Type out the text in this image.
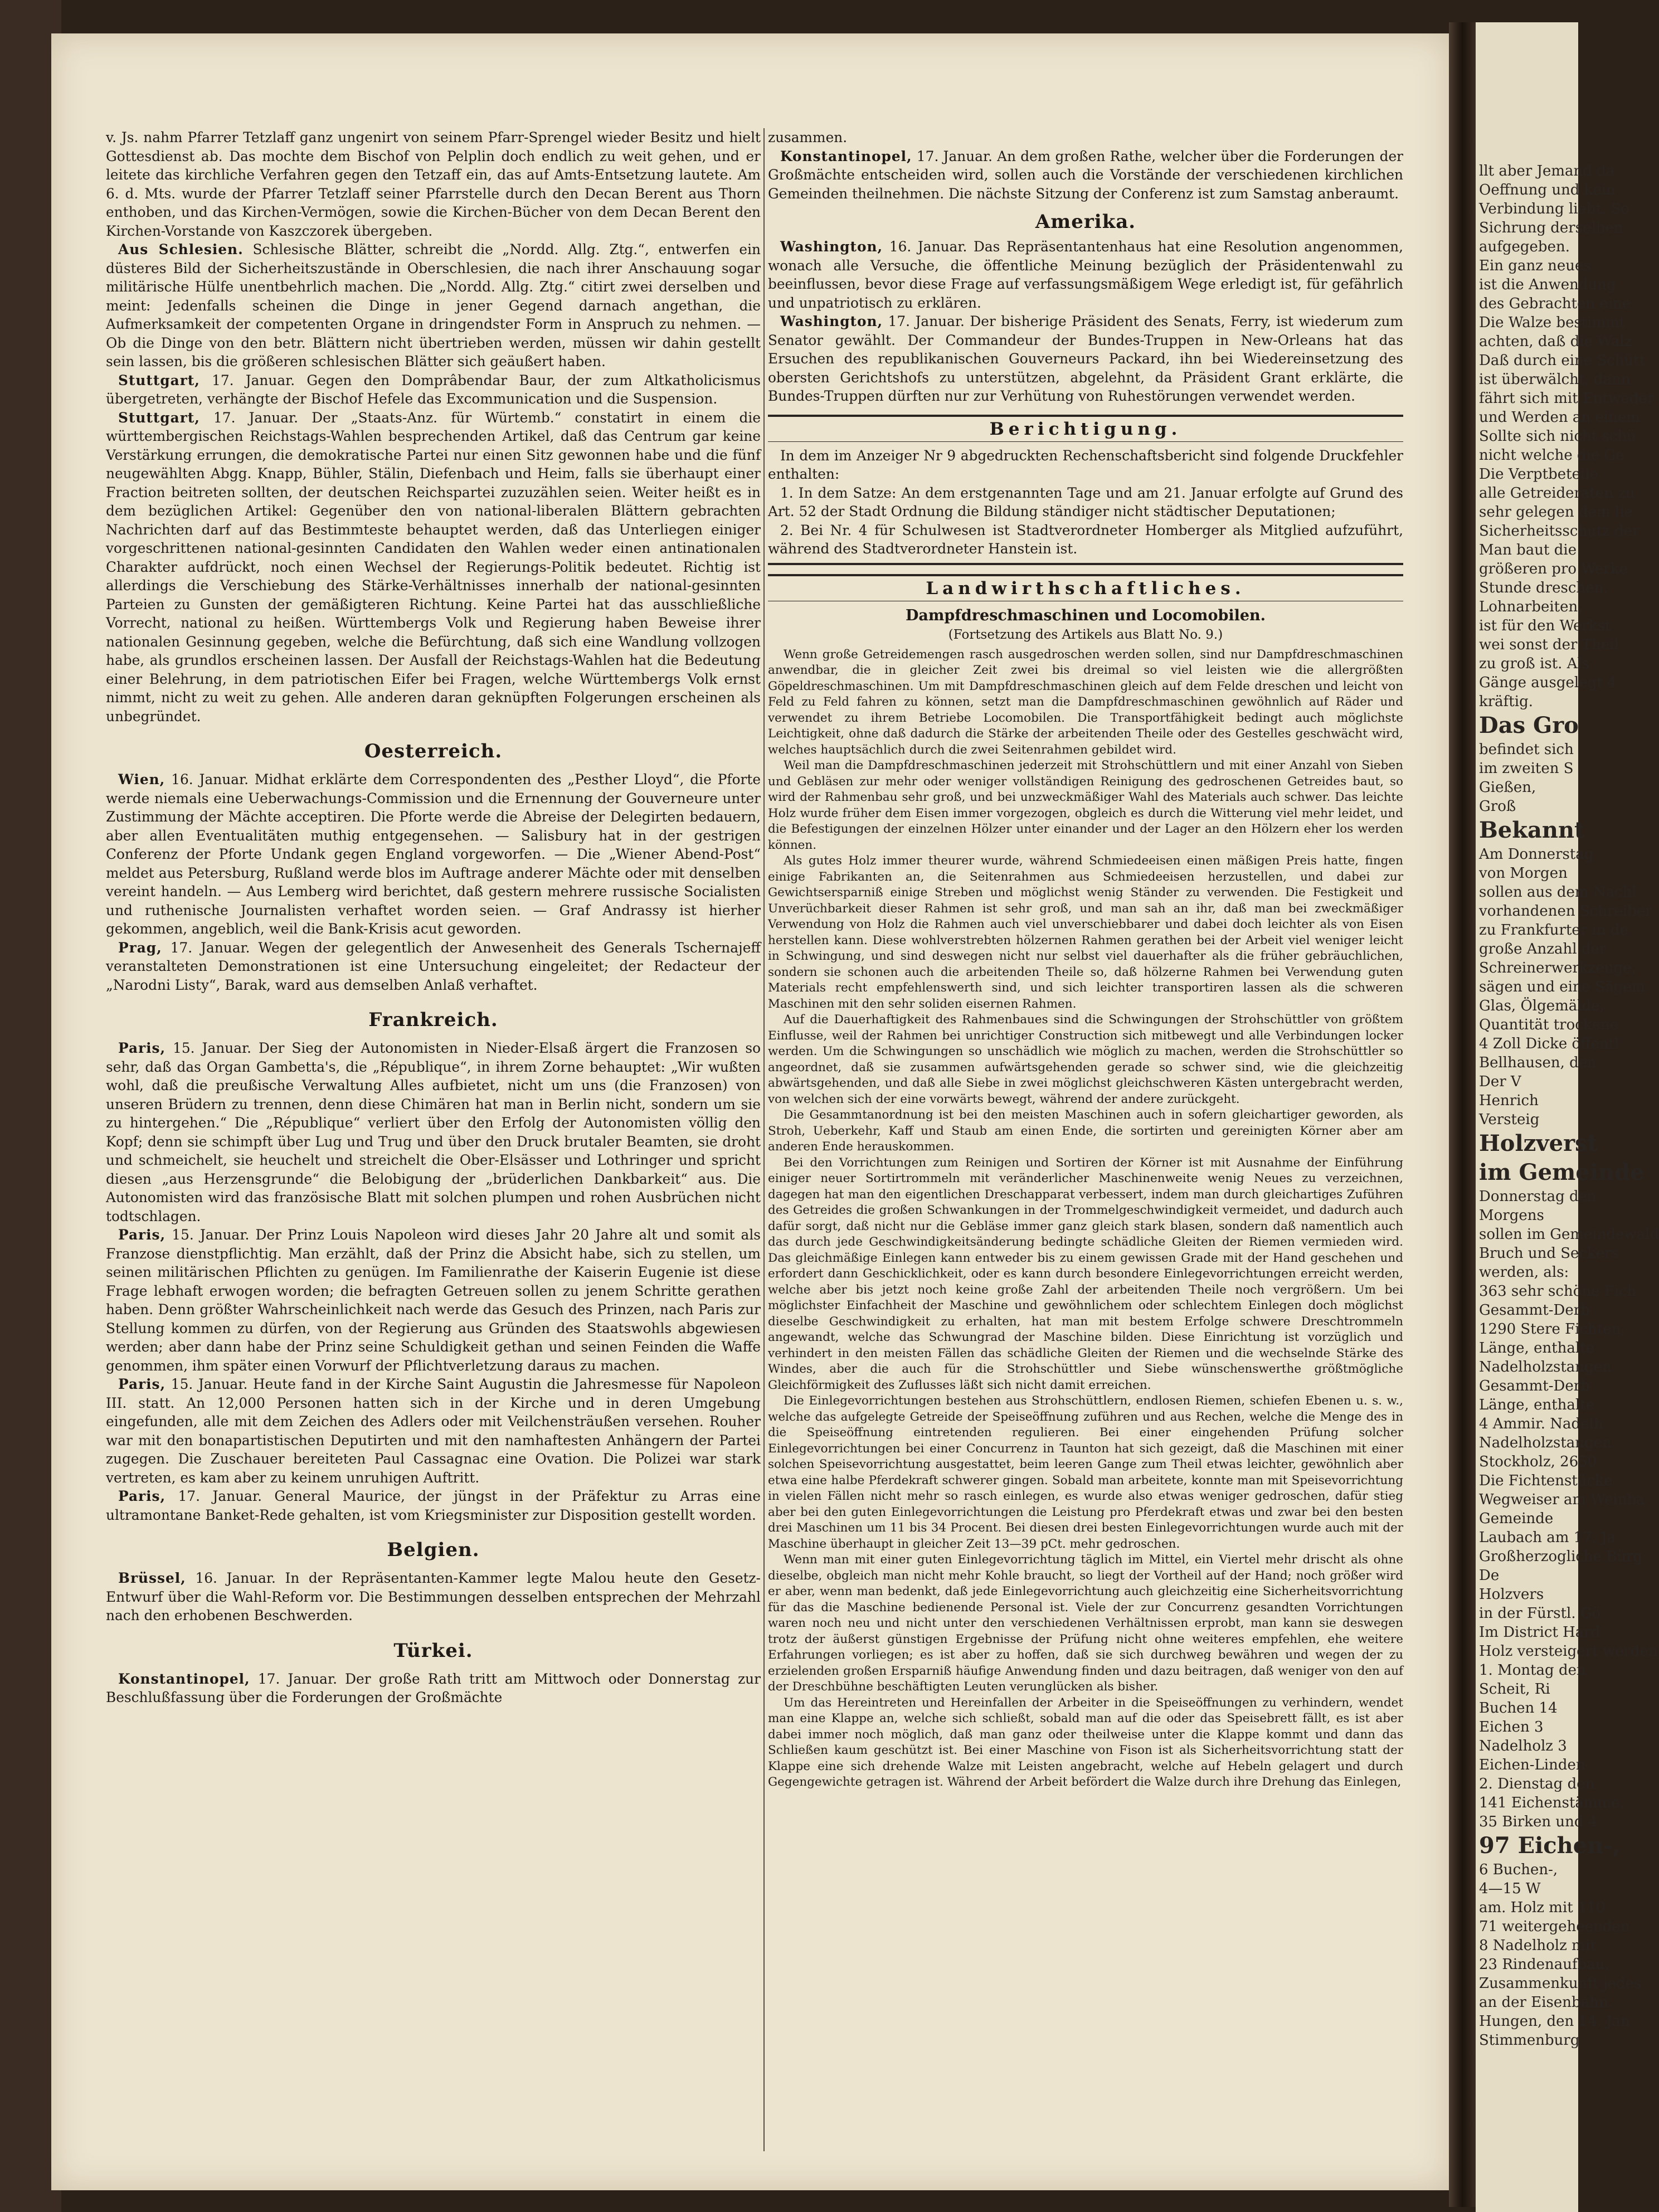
v. Js. nahm Pfarrer Tetzlaff ganz ungenirt von seinem Pfarr-Sprengel wieder Besitz und hielt Gottesdienst ab. Das mochte dem Bischof von Pelplin doch endlich zu weit gehen, und er leitete das kirchliche Verfahren gegen den Tetzaff ein, das auf Amts-Entsetzung lautete. Am 6. d. Mts. wurde der Pfarrer Tetzlaff seiner Pfarrstelle durch den Decan Berent aus Thorn enthoben, und das Kirchen-Vermögen, sowie die Kirchen-Bücher von dem Decan Berent den Kirchen-Vorstande von Kaszczorek übergeben.

Aus Schlesien. Schlesische Blätter, schreibt die „Nordd. Allg. Ztg.“, entwerfen ein düsteres Bild der Sicherheitszustände in Oberschlesien, die nach ihrer Anschauung sogar militärische Hülfe unentbehrlich machen. Die „Nordd. Allg. Ztg.“ citirt zwei derselben und meint: Jedenfalls scheinen die Dinge in jener Gegend darnach angethan, die Aufmerksamkeit der competenten Organe in dringendster Form in Anspruch zu nehmen. — Ob die Dinge von den betr. Blättern nicht übertrieben werden, müssen wir dahin gestellt sein lassen, bis die größeren schlesischen Blätter sich geäußert haben.

Stuttgart, 17. Januar. Gegen den Domprâbendar Baur, der zum Altkatholicismus übergetreten, verhängte der Bischof Hefele das Excommunication und die Suspension.

Stuttgart, 17. Januar. Der „Staats-Anz. für Würtemb.“ constatirt in einem die württembergischen Reichstags-Wahlen besprechenden Artikel, daß das Centrum gar keine Verstärkung errungen, die demokratische Partei nur einen Sitz gewonnen habe und die fünf neugewählten Abgg. Knapp, Bühler, Stälin, Diefenbach und Heim, falls sie überhaupt einer Fraction beitreten sollten, der deutschen Reichspartei zuzuzählen seien. Weiter heißt es in dem bezüglichen Artikel: Gegenüber den von national-liberalen Blättern gebrachten Nachrichten darf auf das Bestimmteste behauptet werden, daß das Unterliegen einiger vorgeschrittenen national-gesinnten Candidaten den Wahlen weder einen antinationalen Charakter aufdrückt, noch einen Wechsel der Regierungs-Politik bedeutet. Richtig ist allerdings die Verschiebung des Stärke-Verhältnisses innerhalb der national-gesinnten Parteien zu Gunsten der gemäßigteren Richtung. Keine Partei hat das ausschließliche Vorrecht, national zu heißen. Württembergs Volk und Regierung haben Beweise ihrer nationalen Gesinnung gegeben, welche die Befürchtung, daß sich eine Wandlung vollzogen habe, als grundlos erscheinen lassen. Der Ausfall der Reichstags-Wahlen hat die Bedeutung einer Belehrung, in dem patriotischen Eifer bei Fragen, welche Württembergs Volk ernst nimmt, nicht zu weit zu gehen. Alle anderen daran geknüpften Folgerungen erscheinen als unbegründet.

Oesterreich.

Wien, 16. Januar. Midhat erklärte dem Correspondenten des „Pesther Lloyd“, die Pforte werde niemals eine Ueberwachungs-Commission und die Ernennung der Gouverneure unter Zustimmung der Mächte acceptiren. Die Pforte werde die Abreise der Delegirten bedauern, aber allen Eventualitäten muthig entgegensehen. — Salisbury hat in der gestrigen Conferenz der Pforte Undank gegen England vorgeworfen. — Die „Wiener Abend-Post“ meldet aus Petersburg, Rußland werde blos im Auftrage anderer Mächte oder mit denselben vereint handeln. — Aus Lemberg wird berichtet, daß gestern mehrere russische Socialisten und ruthenische Journalisten verhaftet worden seien. — Graf Andrassy ist hierher gekommen, angeblich, weil die Bank-Krisis acut geworden.

Prag, 17. Januar. Wegen der gelegentlich der Anwesenheit des Generals Tschernajeff veranstalteten Demonstrationen ist eine Untersuchung eingeleitet; der Redacteur der „Narodni Listy“, Barak, ward aus demselben Anlaß verhaftet.

Frankreich.

Paris, 15. Januar. Der Sieg der Autonomisten in Nieder-Elsaß ärgert die Franzosen so sehr, daß das Organ Gambetta's, die „République“, in ihrem Zorne behauptet: „Wir wußten wohl, daß die preußische Verwaltung Alles aufbietet, nicht um uns (die Franzosen) von unseren Brüdern zu trennen, denn diese Chimären hat man in Berlin nicht, sondern um sie zu hintergehen.“ Die „République“ verliert über den Erfolg der Autonomisten völlig den Kopf; denn sie schimpft über Lug und Trug und über den Druck brutaler Beamten, sie droht und schmeichelt, sie heuchelt und streichelt die Ober-Elsässer und Lothringer und spricht diesen „aus Herzensgrunde“ die Belobigung der „brüderlichen Dankbarkeit“ aus. Die Autonomisten wird das französische Blatt mit solchen plumpen und rohen Ausbrüchen nicht todtschlagen.

Paris, 15. Januar. Der Prinz Louis Napoleon wird dieses Jahr 20 Jahre alt und somit als Franzose dienstpflichtig. Man erzählt, daß der Prinz die Absicht habe, sich zu stellen, um seinen militärischen Pflichten zu genügen. Im Familienrathe der Kaiserin Eugenie ist diese Frage lebhaft erwogen worden; die befragten Getreuen sollen zu jenem Schritte gerathen haben. Denn größter Wahrscheinlichkeit nach werde das Gesuch des Prinzen, nach Paris zur Stellung kommen zu dürfen, von der Regierung aus Gründen des Staatswohls abgewiesen werden; aber dann habe der Prinz seine Schuldigkeit gethan und seinen Feinden die Waffe genommen, ihm später einen Vorwurf der Pflichtverletzung daraus zu machen.

Paris, 15. Januar. Heute fand in der Kirche Saint Augustin die Jahresmesse für Napoleon III. statt. An 12,000 Personen hatten sich in der Kirche und in deren Umgebung eingefunden, alle mit dem Zeichen des Adlers oder mit Veilchensträußen versehen. Rouher war mit den bonapartistischen Deputirten und mit den namhaftesten Anhängern der Partei zugegen. Die Zuschauer bereiteten Paul Cassagnac eine Ovation. Die Polizei war stark vertreten, es kam aber zu keinem unruhigen Auftritt.

Paris, 17. Januar. General Maurice, der jüngst in der Präfektur zu Arras eine ultramontane Banket-Rede gehalten, ist vom Kriegsminister zur Disposition gestellt worden.

Belgien.

Brüssel, 16. Januar. In der Repräsentanten-Kammer legte Malou heute den Gesetz-Entwurf über die Wahl-Reform vor. Die Bestimmungen desselben entsprechen der Mehrzahl nach den erhobenen Beschwerden.

Türkei.

Konstantinopel, 17. Januar. Der große Rath tritt am Mittwoch oder Donnerstag zur Beschlußfassung über die Forderungen der Großmächte

zusammen.

Konstantinopel, 17. Januar. An dem großen Rathe, welcher über die Forderungen der Großmächte entscheiden wird, sollen auch die Vorstände der verschiedenen kirchlichen Gemeinden theilnehmen. Die nächste Sitzung der Conferenz ist zum Samstag anberaumt.

Amerika.

Washington, 16. Januar. Das Repräsentantenhaus hat eine Resolution angenommen, wonach alle Versuche, die öffentliche Meinung bezüglich der Präsidentenwahl zu beeinflussen, bevor diese Frage auf verfassungsmäßigem Wege erledigt ist, für gefährlich und unpatriotisch zu erklären.

Washington, 17. Januar. Der bisherige Präsident des Senats, Ferry, ist wiederum zum Senator gewählt. Der Commandeur der Bundes-Truppen in New-Orleans hat das Ersuchen des republikanischen Gouverneurs Packard, ihn bei Wiedereinsetzung des obersten Gerichtshofs zu unterstützen, abgelehnt, da Präsident Grant erklärte, die Bundes-Truppen dürften nur zur Verhütung von Ruhestörungen verwendet werden.

Berichtigung.

In dem im Anzeiger Nr 9 abgedruckten Rechenschaftsbericht sind folgende Druckfehler enthalten:

1. In dem Satze: An dem erstgenannten Tage und am 21. Januar erfolgte auf Grund des Art. 52 der Stadt Ordnung die Bildung ständiger nicht städtischer Deputationen;

2. Bei Nr. 4 für Schulwesen ist Stadtverordneter Homberger als Mitglied aufzuführt, während des Stadtverordneter Hanstein ist.

Landwirthschaftliches.
Dampfdreschmaschinen und Locomobilen.
(Fortsetzung des Artikels aus Blatt No. 9.)

Wenn große Getreidemengen rasch ausgedroschen werden sollen, sind nur Dampfdreschmaschinen anwendbar, die in gleicher Zeit zwei bis dreimal so viel leisten wie die allergrößten Göpeldreschmaschinen. Um mit Dampfdreschmaschinen gleich auf dem Felde dreschen und leicht von Feld zu Feld fahren zu können, setzt man die Dampfdreschmaschinen gewöhnlich auf Räder und verwendet zu ihrem Betriebe Locomobilen. Die Transportfähigkeit bedingt auch möglichste Leichtigkeit, ohne daß dadurch die Stärke der arbeitenden Theile oder des Gestelles geschwächt wird, welches hauptsächlich durch die zwei Seitenrahmen gebildet wird.

Weil man die Dampfdreschmaschinen jederzeit mit Strohschüttlern und mit einer Anzahl von Sieben und Gebläsen zur mehr oder weniger vollständigen Reinigung des gedroschenen Getreides baut, so wird der Rahmenbau sehr groß, und bei unzweckmäßiger Wahl des Materials auch schwer. Das leichte Holz wurde früher dem Eisen immer vorgezogen, obgleich es durch die Witterung viel mehr leidet, und die Befestigungen der einzelnen Hölzer unter einander und der Lager an den Hölzern eher los werden können.

Als gutes Holz immer theurer wurde, während Schmiedeeisen einen mäßigen Preis hatte, fingen einige Fabrikanten an, die Seitenrahmen aus Schmiedeeisen herzustellen, und dabei zur Gewichtsersparniß einige Streben und möglichst wenig Ständer zu verwenden. Die Festigkeit und Unverüchbarkeit dieser Rahmen ist sehr groß, und man sah an ihr, daß man bei zweckmäßiger Verwendung von Holz die Rahmen auch viel unverschiebbarer und dabei doch leichter als von Eisen herstellen kann. Diese wohlverstrebten hölzernen Rahmen gerathen bei der Arbeit viel weniger leicht in Schwingung, und sind deswegen nicht nur selbst viel dauerhafter als die früher gebräuchlichen, sondern sie schonen auch die arbeitenden Theile so, daß hölzerne Rahmen bei Verwendung guten Materials recht empfehlenswerth sind, und sich leichter transportiren lassen als die schweren Maschinen mit den sehr soliden eisernen Rahmen.

Auf die Dauerhaftigkeit des Rahmenbaues sind die Schwingungen der Strohschüttler von größtem Einflusse, weil der Rahmen bei unrichtiger Construction sich mitbewegt und alle Verbindungen locker werden. Um die Schwingungen so unschädlich wie möglich zu machen, werden die Strohschüttler so angeordnet, daß sie zusammen aufwärtsgehenden gerade so schwer sind, wie die gleichzeitig abwärtsgehenden, und daß alle Siebe in zwei möglichst gleichschweren Kästen untergebracht werden, von welchen sich der eine vorwärts bewegt, während der andere zurückgeht.

Die Gesammtanordnung ist bei den meisten Maschinen auch in sofern gleichartiger geworden, als Stroh, Ueberkehr, Kaff und Staub am einen Ende, die sortirten und gereinigten Körner aber am anderen Ende herauskommen.

Bei den Vorrichtungen zum Reinigen und Sortiren der Körner ist mit Ausnahme der Einführung einiger neuer Sortirtrommeln mit veränderlicher Maschinenweite wenig Neues zu verzeichnen, dagegen hat man den eigentlichen Dreschapparat verbessert, indem man durch gleichartiges Zuführen des Getreides die großen Schwankungen in der Trommelgeschwindigkeit vermeidet, und dadurch auch dafür sorgt, daß nicht nur die Gebläse immer ganz gleich stark blasen, sondern daß namentlich auch das durch jede Geschwindigkeitsänderung bedingte schädliche Gleiten der Riemen vermieden wird. Das gleichmäßige Einlegen kann entweder bis zu einem gewissen Grade mit der Hand geschehen und erfordert dann Geschicklichkeit, oder es kann durch besondere Einlegevorrichtungen erreicht werden, welche aber bis jetzt noch keine große Zahl der arbeitenden Theile noch vergrößern. Um bei möglichster Einfachheit der Maschine und gewöhnlichem oder schlechtem Einlegen doch möglichst dieselbe Geschwindigkeit zu erhalten, hat man mit bestem Erfolge schwere Dreschtrommeln angewandt, welche das Schwungrad der Maschine bilden. Diese Einrichtung ist vorzüglich und verhindert in den meisten Fällen das schädliche Gleiten der Riemen und die wechselnde Stärke des Windes, aber die auch für die Strohschüttler und Siebe wünschenswerthe größtmögliche Gleichförmigkeit des Zuflusses läßt sich nicht damit erreichen.

Die Einlegevorrichtungen bestehen aus Strohschüttlern, endlosen Riemen, schiefen Ebenen u. s. w., welche das aufgelegte Getreide der Speiseöffnung zuführen und aus Rechen, welche die Menge des in die Speiseöffnung eintretenden regulieren. Bei einer eingehenden Prüfung solcher Einlegevorrichtungen bei einer Concurrenz in Taunton hat sich gezeigt, daß die Maschinen mit einer solchen Speisevorrichtung ausgestattet, beim leeren Gange zum Theil etwas leichter, gewöhnlich aber etwa eine halbe Pferdekraft schwerer gingen. Sobald man arbeitete, konnte man mit Speisevorrichtung in vielen Fällen nicht mehr so rasch einlegen, es wurde also etwas weniger gedroschen, dafür stieg aber bei den guten Einlegevorrichtungen die Leistung pro Pferdekraft etwas und zwar bei den besten drei Maschinen um 11 bis 34 Procent. Bei diesen drei besten Einlegevorrichtungen wurde auch mit der Maschine überhaupt in gleicher Zeit 13—39 pCt. mehr gedroschen.

Wenn man mit einer guten Einlegevorrichtung täglich im Mittel, ein Viertel mehr drischt als ohne dieselbe, obgleich man nicht mehr Kohle braucht, so liegt der Vortheil auf der Hand; noch größer wird er aber, wenn man bedenkt, daß jede Einlegevorrichtung auch gleichzeitig eine Sicherheitsvorrichtung für das die Maschine bedienende Personal ist. Viele der zur Concurrenz gesandten Vorrichtungen waren noch neu und nicht unter den verschiedenen Verhältnissen erprobt, man kann sie deswegen trotz der äußerst günstigen Ergebnisse der Prüfung nicht ohne weiteres empfehlen, ehe weitere Erfahrungen vorliegen; es ist aber zu hoffen, daß sie sich durchweg bewähren und wegen der zu erzielenden großen Ersparniß häufige Anwendung finden und dazu beitragen, daß weniger von den auf der Dreschbühne beschäftigten Leuten verunglücken als bisher.

Um das Hereintreten und Hereinfallen der Arbeiter in die Speiseöffnungen zu verhindern, wendet man eine Klappe an, welche sich schließt, sobald man auf die oder das Speisebrett fällt, es ist aber dabei immer noch möglich, daß man ganz oder theilweise unter die Klappe kommt und dann das Schließen kaum geschützt ist. Bei einer Maschine von Fison ist als Sicherheitsvorrichtung statt der Klappe eine sich drehende Walze mit Leisten angebracht, welche auf Hebeln gelagert und durch Gegengewichte getragen ist. Während der Arbeit befördert die Walze durch ihre Drehung das Einlegen,

llt aber Jemand da
Oeffnung und kein
Verbindung liebt. So
Sichrung derselben
aufgegeben.
Ein ganz neues
ist die Anwendung
des Gebrachten eine
Die Walze bestimmt
achten, daß die Walz
Daß durch eine Schütt
ist überwälcht, dann
fährt sich mit Entweder
und Werden an einem
Sollte sich nicht schü
nicht welche die Ge
Die Verptbeteile
alle Getreideraten zu
sehr gelegen dem lie
Sicherheitsschutz der
Man baut die
größeren pro Werke
Stunde dreschen.
Lohnarbeiten,
ist für den Werkst
wei sonst der Theil
zu groß ist. Als
Gänge ausgelegt 4
kräftig.
Das Gro
befindet sich
im zweiten S
Gießen,
Groß
Bekannt
Am Donnerstag
von Morgen
sollen aus dem Nachl
vorhandenen Schreiber
zu Frankfurter in de
große Anzahl der
Schreinerwerkzeuge,
sägen und eine Sägem
Glas, Ölgemälde,
Quantität trockene
4 Zoll Dicke öffentl
Bellhausen, den
Der V
Henrich
Versteig
Holzverst
im Gemeinde
Donnerstag den
Morgens
sollen im Gemeindewald
Bruch und Seckers
werden, als:
363 sehr schöne Fich
Gesammt-Derb
1290 Stere Fichten,
Länge, enthalte
Nadelholzstangen
Gesammt-Derb
Länge, enthalte
4 Ammir. Nadelh
Nadelholzstangen
Stockholz, 2650
Die Fichtenstücke
Wegweiser am Weinba
Gemeinde
Laubach am 17. Ja
Großherzogliche Bürg
De
Holzvers
in der Fürstl. Gö
Im District Hard
Holz versteigert werden
1. Montag den
Scheit, Ri
Buchen 14
Eichen 3
Nadelholz 3
Eichen-Linden-
2. Dienstag den
141 Eichenstämme,
35 Birken und 4
97 Eichen-,
6 Buchen-,
4—15 W
am. Holz mit 110
71 weitergeheenden
8 Nadelholz mit
23 Rindenaufbau,
Zusammenkunft jedes
an der Eisenbahn.
Hungen, den 14. Jan
Stimmenburg
